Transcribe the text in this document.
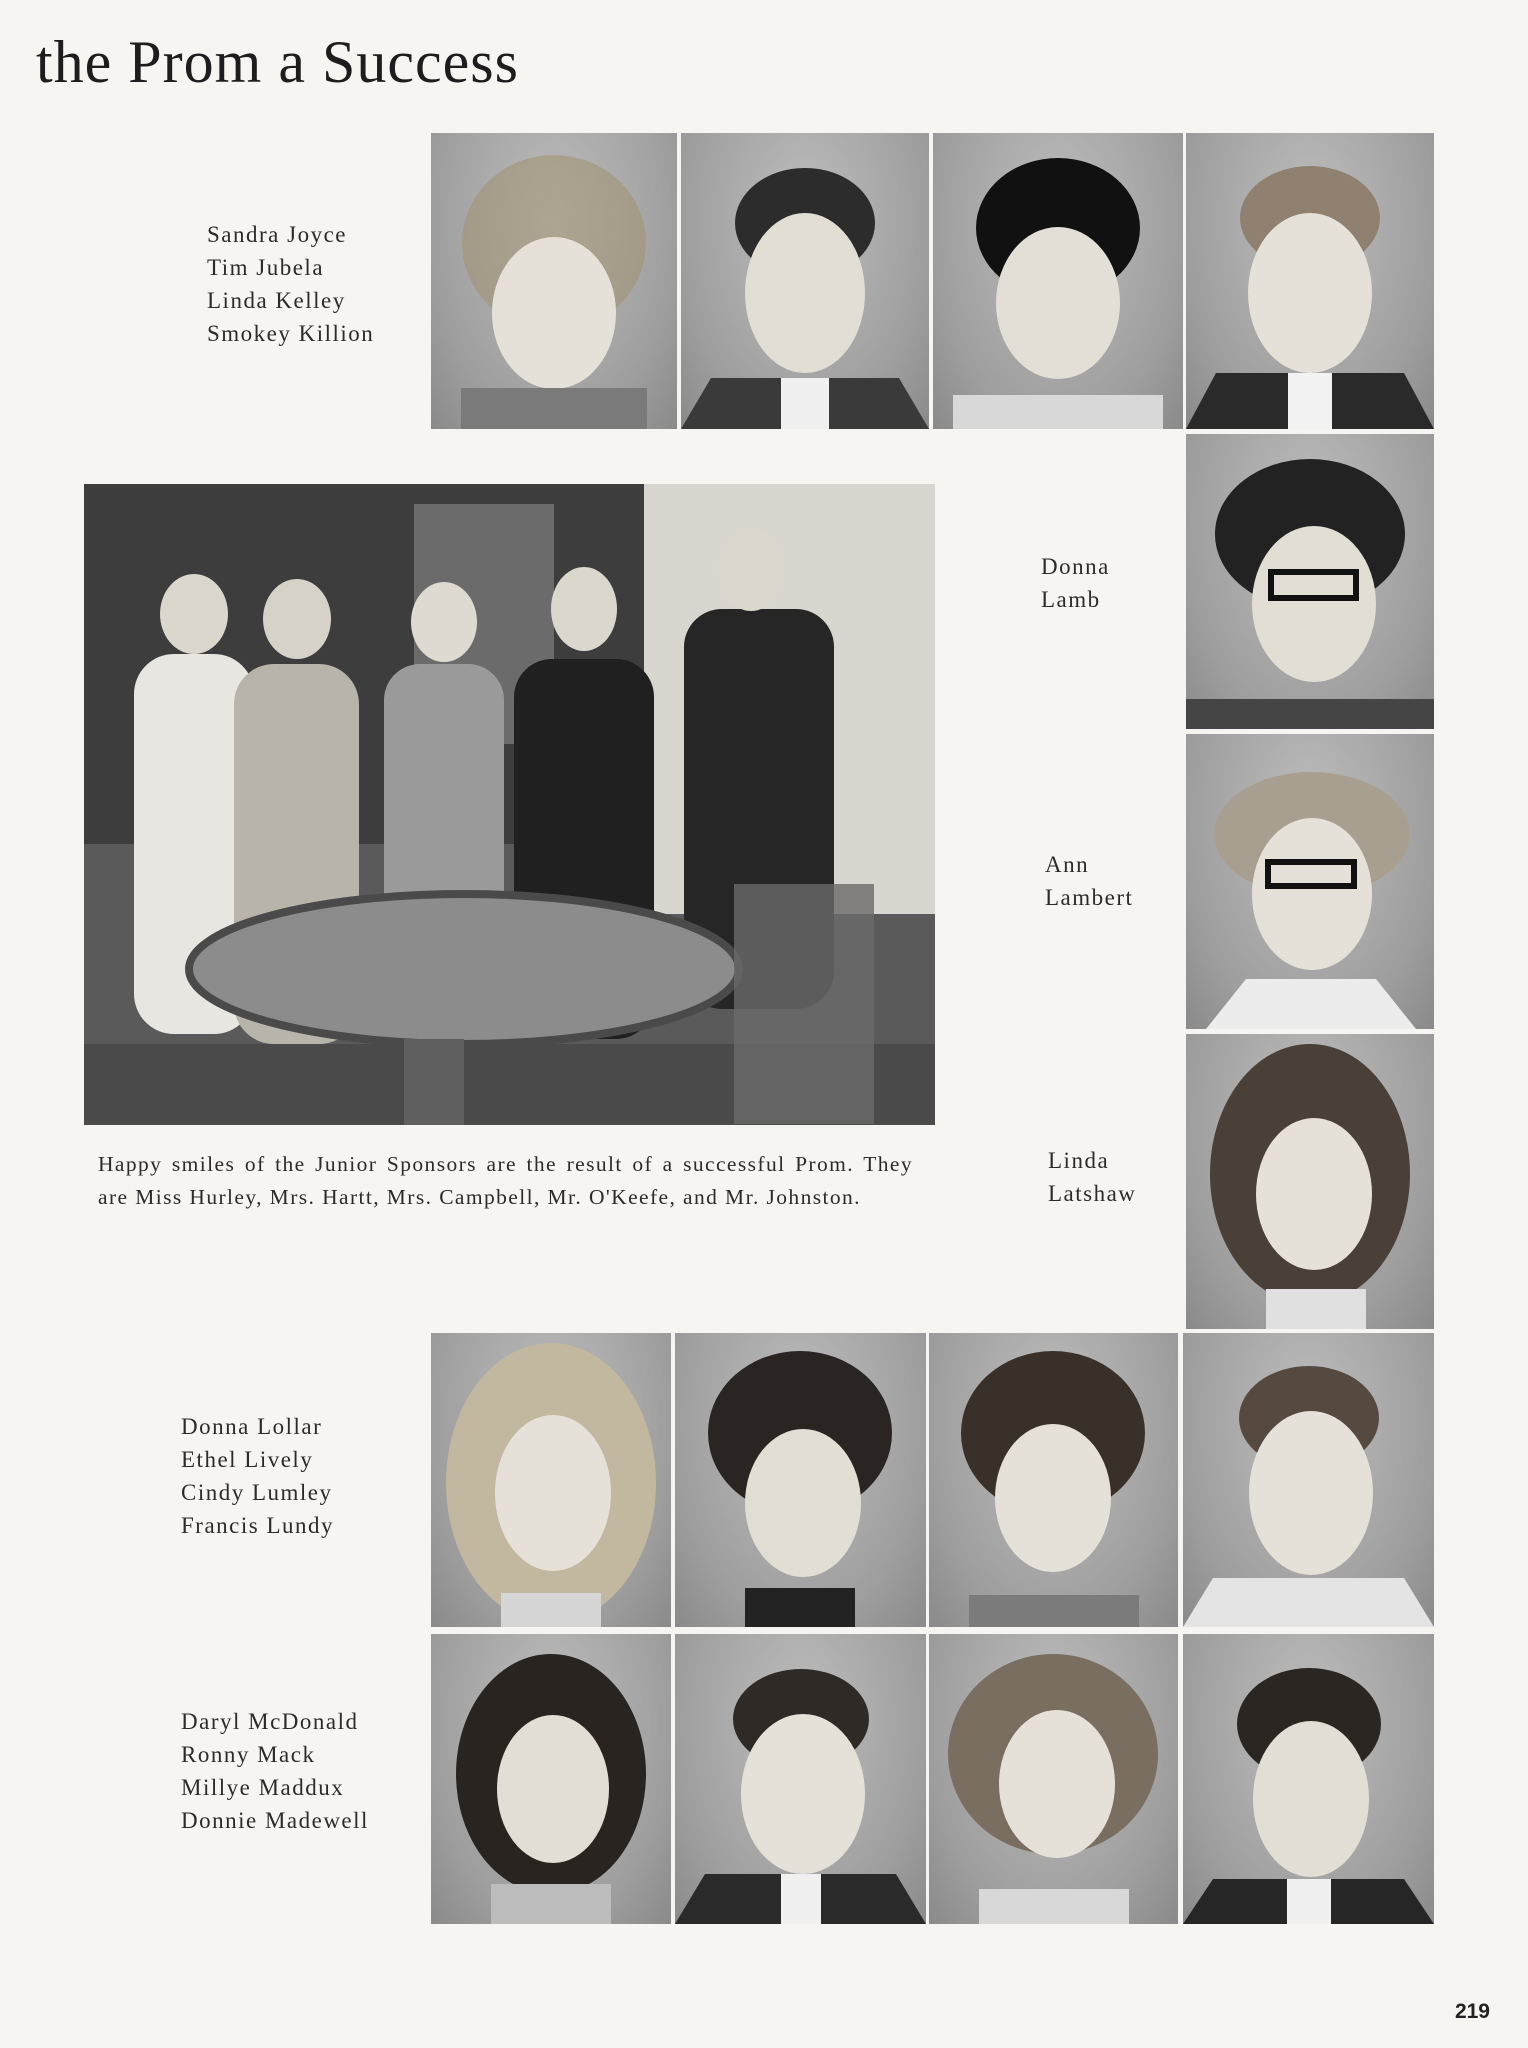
the Prom a Success
Sandra Joyce
Tim Jubela
Linda Kelley
Smokey Killion
Happy smiles of the Junior Sponsors are the result of a successful Prom. They are Miss Hurley, Mrs. Hartt, Mrs. Campbell, Mr. O'Keefe, and Mr. Johnston.
Donna
Lamb
Ann
Lambert
Linda
Latshaw
Donna Lollar
Ethel Lively
Cindy Lumley
Francis Lundy
Daryl McDonald
Ronny Mack
Millye Maddux
Donnie Madewell
219
